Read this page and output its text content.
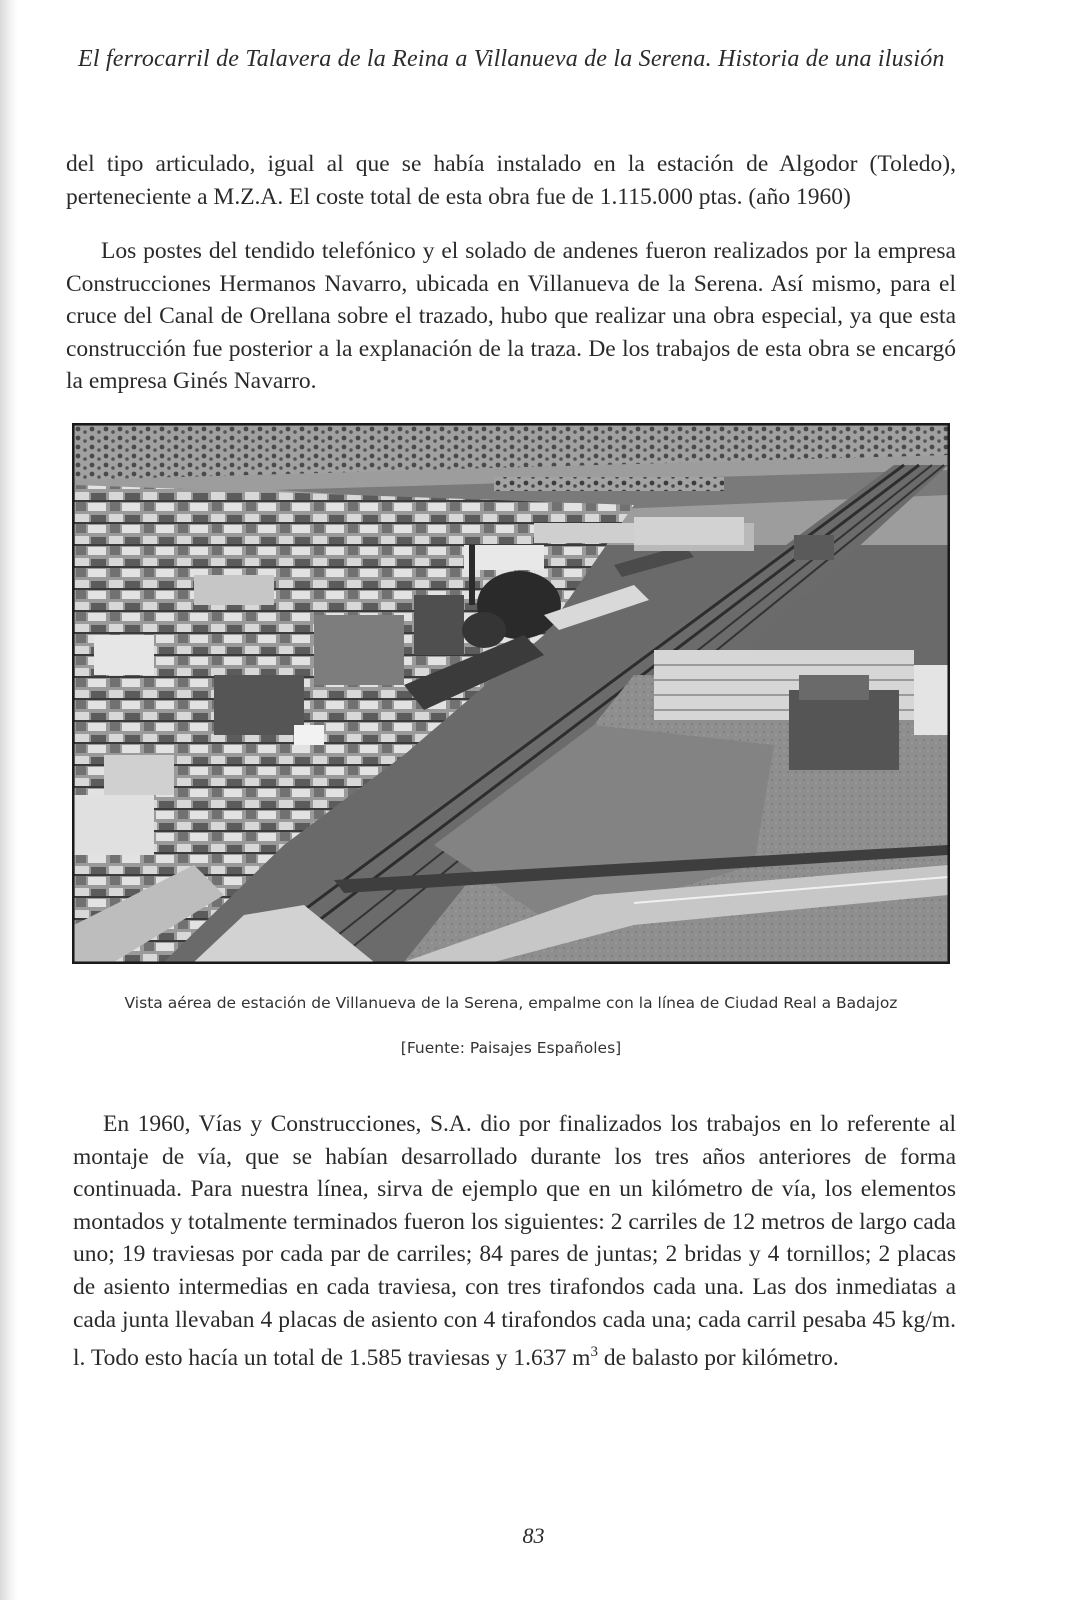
El ferrocarril de Talavera de la Reina a Villanueva de la Serena. Historia de una ilusión

del tipo articulado, igual al que se había instalado en la estación de Algodor (Toledo), perteneciente a M.Z.A. El coste total de esta obra fue de 1.115.000 ptas. (año 1960)

Los postes del tendido telefónico y el solado de andenes fueron realizados por la empresa Construcciones Hermanos Navarro, ubicada en Villanueva de la Serena. Así mismo, para el cruce del Canal de Orellana sobre el trazado, hubo que realizar una obra especial, ya que esta construcción fue posterior a la explanación de la traza. De los trabajos de esta obra se encargó la empresa Ginés Navarro.

Vista aérea de estación de Villanueva de la Serena, empalme con la línea de Ciudad Real a Badajoz

[Fuente: Paisajes Españoles]

En 1960, Vías y Construcciones, S.A. dio por finalizados los trabajos en lo referente al montaje de vía, que se habían desarrollado durante los tres años anteriores de forma continuada. Para nuestra línea, sirva de ejemplo que en un kilómetro de vía, los elementos montados y totalmente terminados fueron los siguientes: 2 carriles de 12 metros de largo cada uno; 19 traviesas por cada par de carriles; 84 pares de juntas; 2 bridas y 4 tornillos; 2 placas de asiento intermedias en cada traviesa, con tres tirafondos cada una. Las dos inmediatas a cada junta llevaban 4 placas de asiento con 4 tirafondos cada una; cada carril pesaba 45 kg/m. l. Todo esto hacía un total de 1.585 traviesas y 1.637 $m^3$ de balasto por kilómetro.

83
